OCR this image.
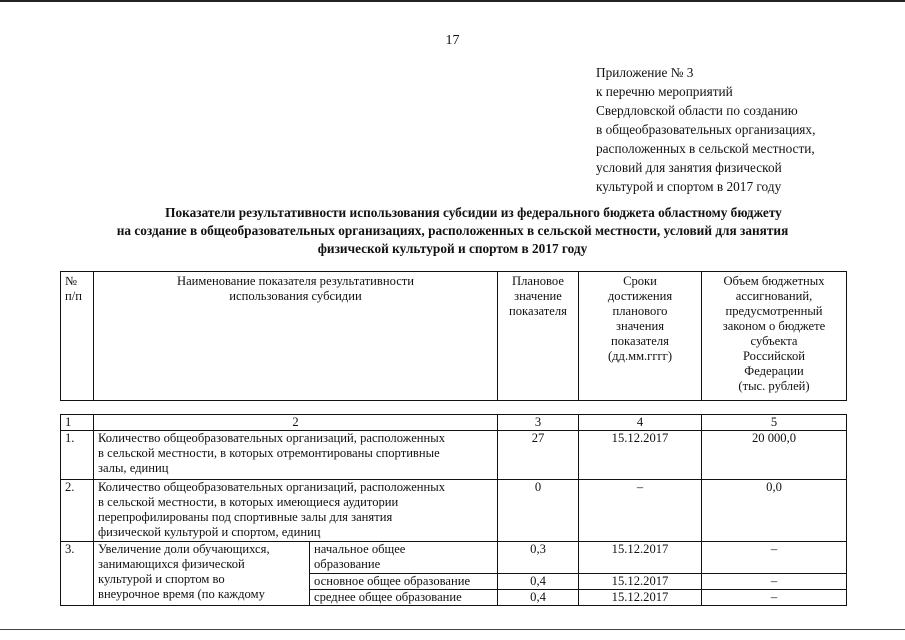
17
Приложение № 3
к перечню мероприятий
Свердловской области по созданию
в общеобразовательных организациях,
расположенных в сельской местности,
условий для занятия физической
культурой и спортом в 2017 году
Показатели результативности использования субсидии из федерального бюджета областному бюджету
на создание в общеобразовательных организациях, расположенных в сельской местности, условий для занятия
физической культурой и спортом в 2017 году
№
п/п	Наименование показателя результативности
использования субсидии	Плановое
значение
показателя	Сроки
достижения
планового
значения
показателя
(дд.мм.гггг)	Объем бюджетных
ассигнований,
предусмотренный
законом о бюджете
субъекта
Российской
Федерации
(тыс. рублей)
1	2		3	4	5
1.	Количество общеобразовательных организаций, расположенных
в сельской местности, в которых отремонтированы спортивные
залы, единиц		27	15.12.2017	20 000,0
2.	Количество общеобразовательных организаций, расположенных
в сельской местности, в которых имеющиеся аудитории
перепрофилированы под спортивные залы для занятия
физической культурой и спортом, единиц		0	–	0,0
3.	Увеличение доли обучающихся,
занимающихся физической
культурой и спортом во
внеурочное время (по каждому	начальное общее
образование	0,3	15.12.2017	–
		основное общее образование	0,4	15.12.2017	–
		среднее общее образование	0,4	15.12.2017	–
